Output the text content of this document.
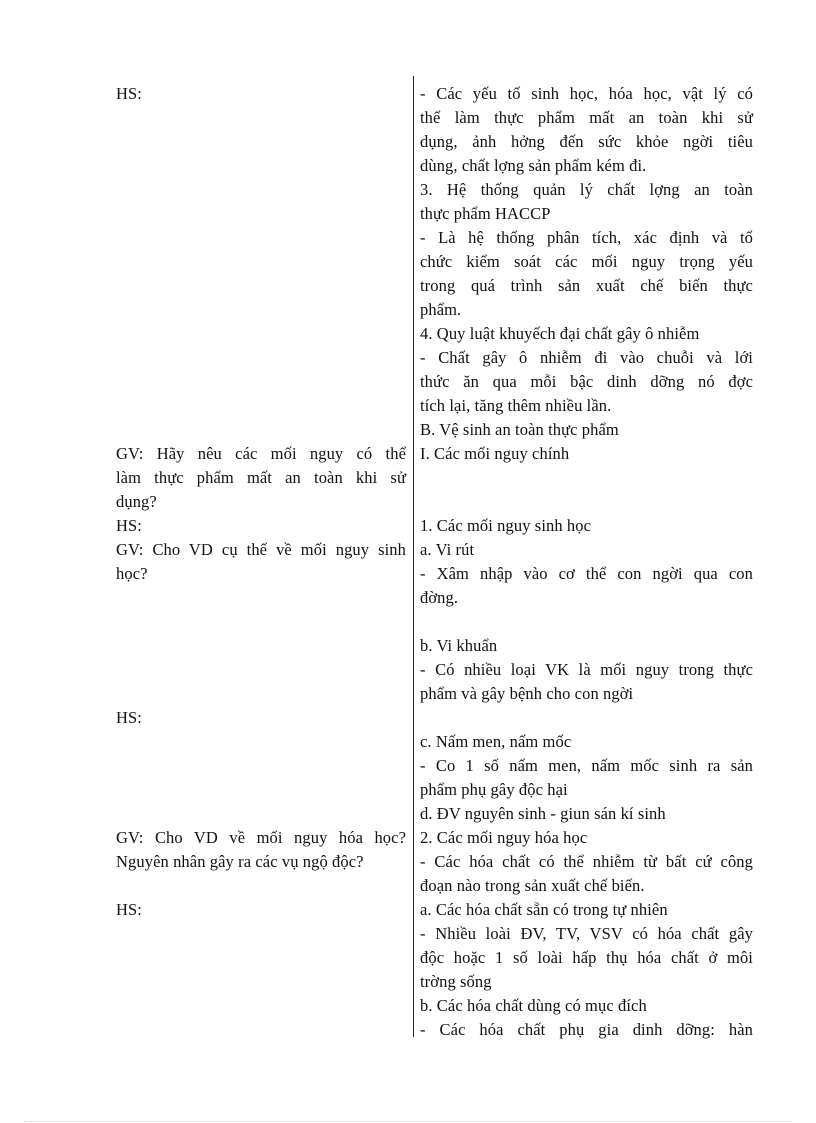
HS:
GV: Hãy nêu các mối nguy có thể
làm thực phẩm mất an toàn khi sử
dụng?
HS:
GV: Cho VD cụ thể về mối nguy sinh
học?
HS:
GV: Cho VD về mối nguy hóa học?
Nguyên nhân gây ra các vụ ngộ độc?
HS:
- Các yếu tố sinh học, hóa học, vật lý có
thể làm thực phẩm mất an toàn khi sử
dụng, ảnh hởng đến sức khỏe ngời tiêu
dùng, chất lợng sản phẩm kém đi.
3. Hệ thống quản lý chất lợng an toàn
thực phẩm HACCP
- Là hệ thống phân tích, xác định và tổ
chức kiểm soát các mối nguy trọng yếu
trong quá trình sản xuất chế biến thực
phẩm.
4. Quy luật khuyếch đại chất gây ô nhiễm
- Chất gây ô nhiễm đi vào chuỗi và lới
thức ăn qua mỗi bậc dinh dỡng nó đợc
tích lại, tăng thêm nhiều lần.
B. Vệ sinh an toàn thực phẩm
I. Các mối nguy chính
1. Các mối nguy sinh học
a. Vi rút
- Xâm nhập vào cơ thể con ngời qua con
đờng.
b. Vi khuẩn
- Có nhiều loại VK là mối nguy trong thực
phẩm và gây bệnh cho con ngời
c. Nấm men, nấm mốc
- Co 1 số nấm men, nấm mốc sinh ra sản
phẩm phụ gây độc hại
d. ĐV nguyên sinh - giun sán kí sinh
2. Các mối nguy hóa học
- Các hóa chất có thể nhiễm từ bất cứ công
đoạn nào trong sản xuất chế biến.
a. Các hóa chất sẵn có trong tự nhiên
- Nhiều loài ĐV, TV, VSV có hóa chất gây
độc hoặc 1 số loài hấp thụ hóa chất ở môi
trờng sống
b. Các hóa chất dùng có mục đích
- Các hóa chất phụ gia dinh dỡng: hàn
